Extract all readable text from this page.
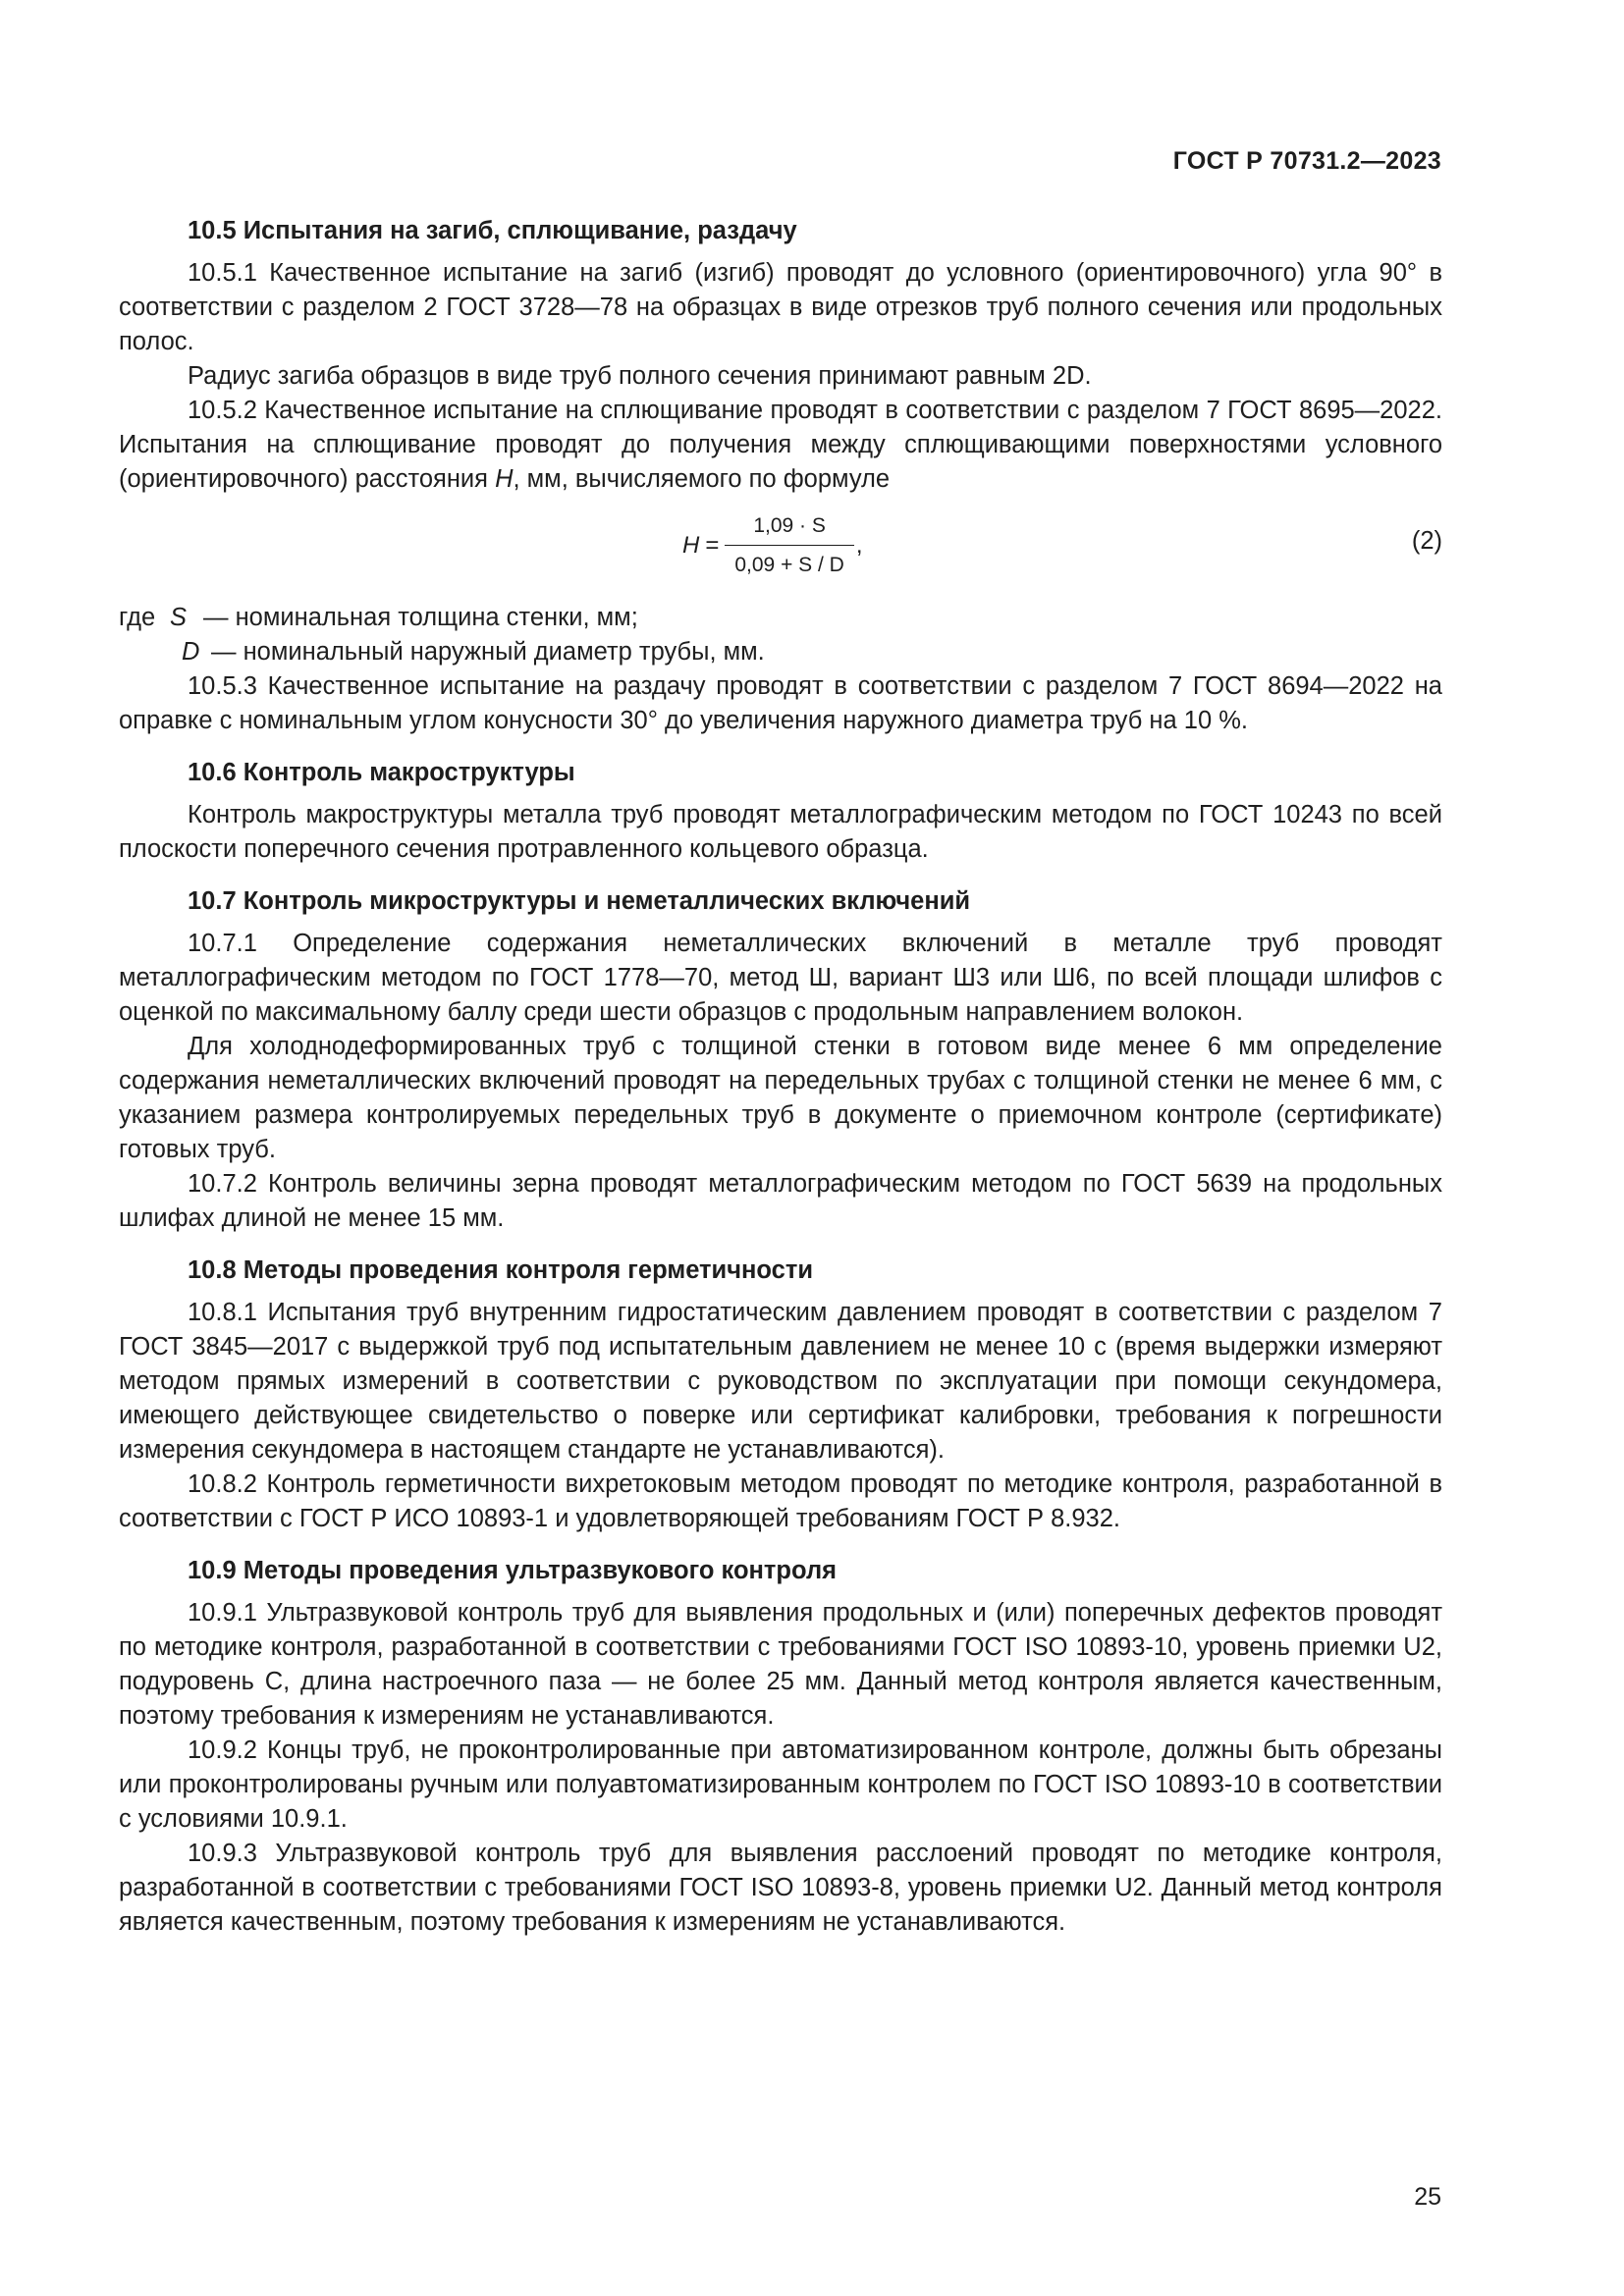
ГОСТ Р 70731.2—2023
10.5 Испытания на загиб, сплющивание, раздачу

10.5.1 Качественное испытание на загиб (изгиб) проводят до условного (ориентировочного) угла 90° в соответствии с разделом 2 ГОСТ 3728—78 на образцах в виде отрезков труб полного сечения или продольных полос.

Радиус загиба образцов в виде труб полного сечения принимают равным 2D.

10.5.2 Качественное испытание на сплющивание проводят в соответствии с разделом 7 ГОСТ 8695—2022. Испытания на сплющивание проводят до получения между сплющивающими поверхностями условного (ориентировочного) расстояния H, мм, вычисляемого по формуле

$H = \frac{1,09 \cdot S}{0,09 + S / D}$ ,	(2)
где S — номинальная толщина стенки, мм;
D — номинальный наружный диаметр трубы, мм.

10.5.3 Качественное испытание на раздачу проводят в соответствии с разделом 7 ГОСТ 8694—2022 на оправке с номинальным углом конусности 30° до увеличения наружного диаметра труб на 10 %.

10.6 Контроль макроструктуры

Контроль макроструктуры металла труб проводят металлографическим методом по ГОСТ 10243 по всей плоскости поперечного сечения протравленного кольцевого образца.

10.7 Контроль микроструктуры и неметаллических включений

10.7.1 Определение содержания неметаллических включений в металле труб проводят металлографическим методом по ГОСТ 1778—70, метод Ш, вариант Ш3 или Ш6, по всей площади шлифов с оценкой по максимальному баллу среди шести образцов с продольным направлением волокон.

Для холоднодеформированных труб с толщиной стенки в готовом виде менее 6 мм определение содержания неметаллических включений проводят на передельных трубах с толщиной стенки не менее 6 мм, с указанием размера контролируемых передельных труб в документе о приемочном контроле (сертификате) готовых труб.

10.7.2 Контроль величины зерна проводят металлографическим методом по ГОСТ 5639 на продольных шлифах длиной не менее 15 мм.

10.8 Методы проведения контроля герметичности

10.8.1 Испытания труб внутренним гидростатическим давлением проводят в соответствии с разделом 7 ГОСТ 3845—2017 с выдержкой труб под испытательным давлением не менее 10 с (время выдержки измеряют методом прямых измерений в соответствии с руководством по эксплуатации при помощи секундомера, имеющего действующее свидетельство о поверке или сертификат калибровки, требования к погрешности измерения секундомера в настоящем стандарте не устанавливаются).

10.8.2 Контроль герметичности вихретоковым методом проводят по методике контроля, разработанной в соответствии с ГОСТ Р ИСО 10893-1 и удовлетворяющей требованиям ГОСТ Р 8.932.

10.9 Методы проведения ультразвукового контроля

10.9.1 Ультразвуковой контроль труб для выявления продольных и (или) поперечных дефектов проводят по методике контроля, разработанной в соответствии с требованиями ГОСТ ISO 10893-10, уровень приемки U2, подуровень С, длина настроечного паза — не более 25 мм. Данный метод контроля является качественным, поэтому требования к измерениям не устанавливаются.

10.9.2 Концы труб, не проконтролированные при автоматизированном контроле, должны быть обрезаны или проконтролированы ручным или полуавтоматизированным контролем по ГОСТ ISO 10893-10 в соответствии с условиями 10.9.1.

10.9.3 Ультразвуковой контроль труб для выявления расслоений проводят по методике контроля, разработанной в соответствии с требованиями ГОСТ ISO 10893-8, уровень приемки U2. Данный метод контроля является качественным, поэтому требования к измерениям не устанавливаются.

25
